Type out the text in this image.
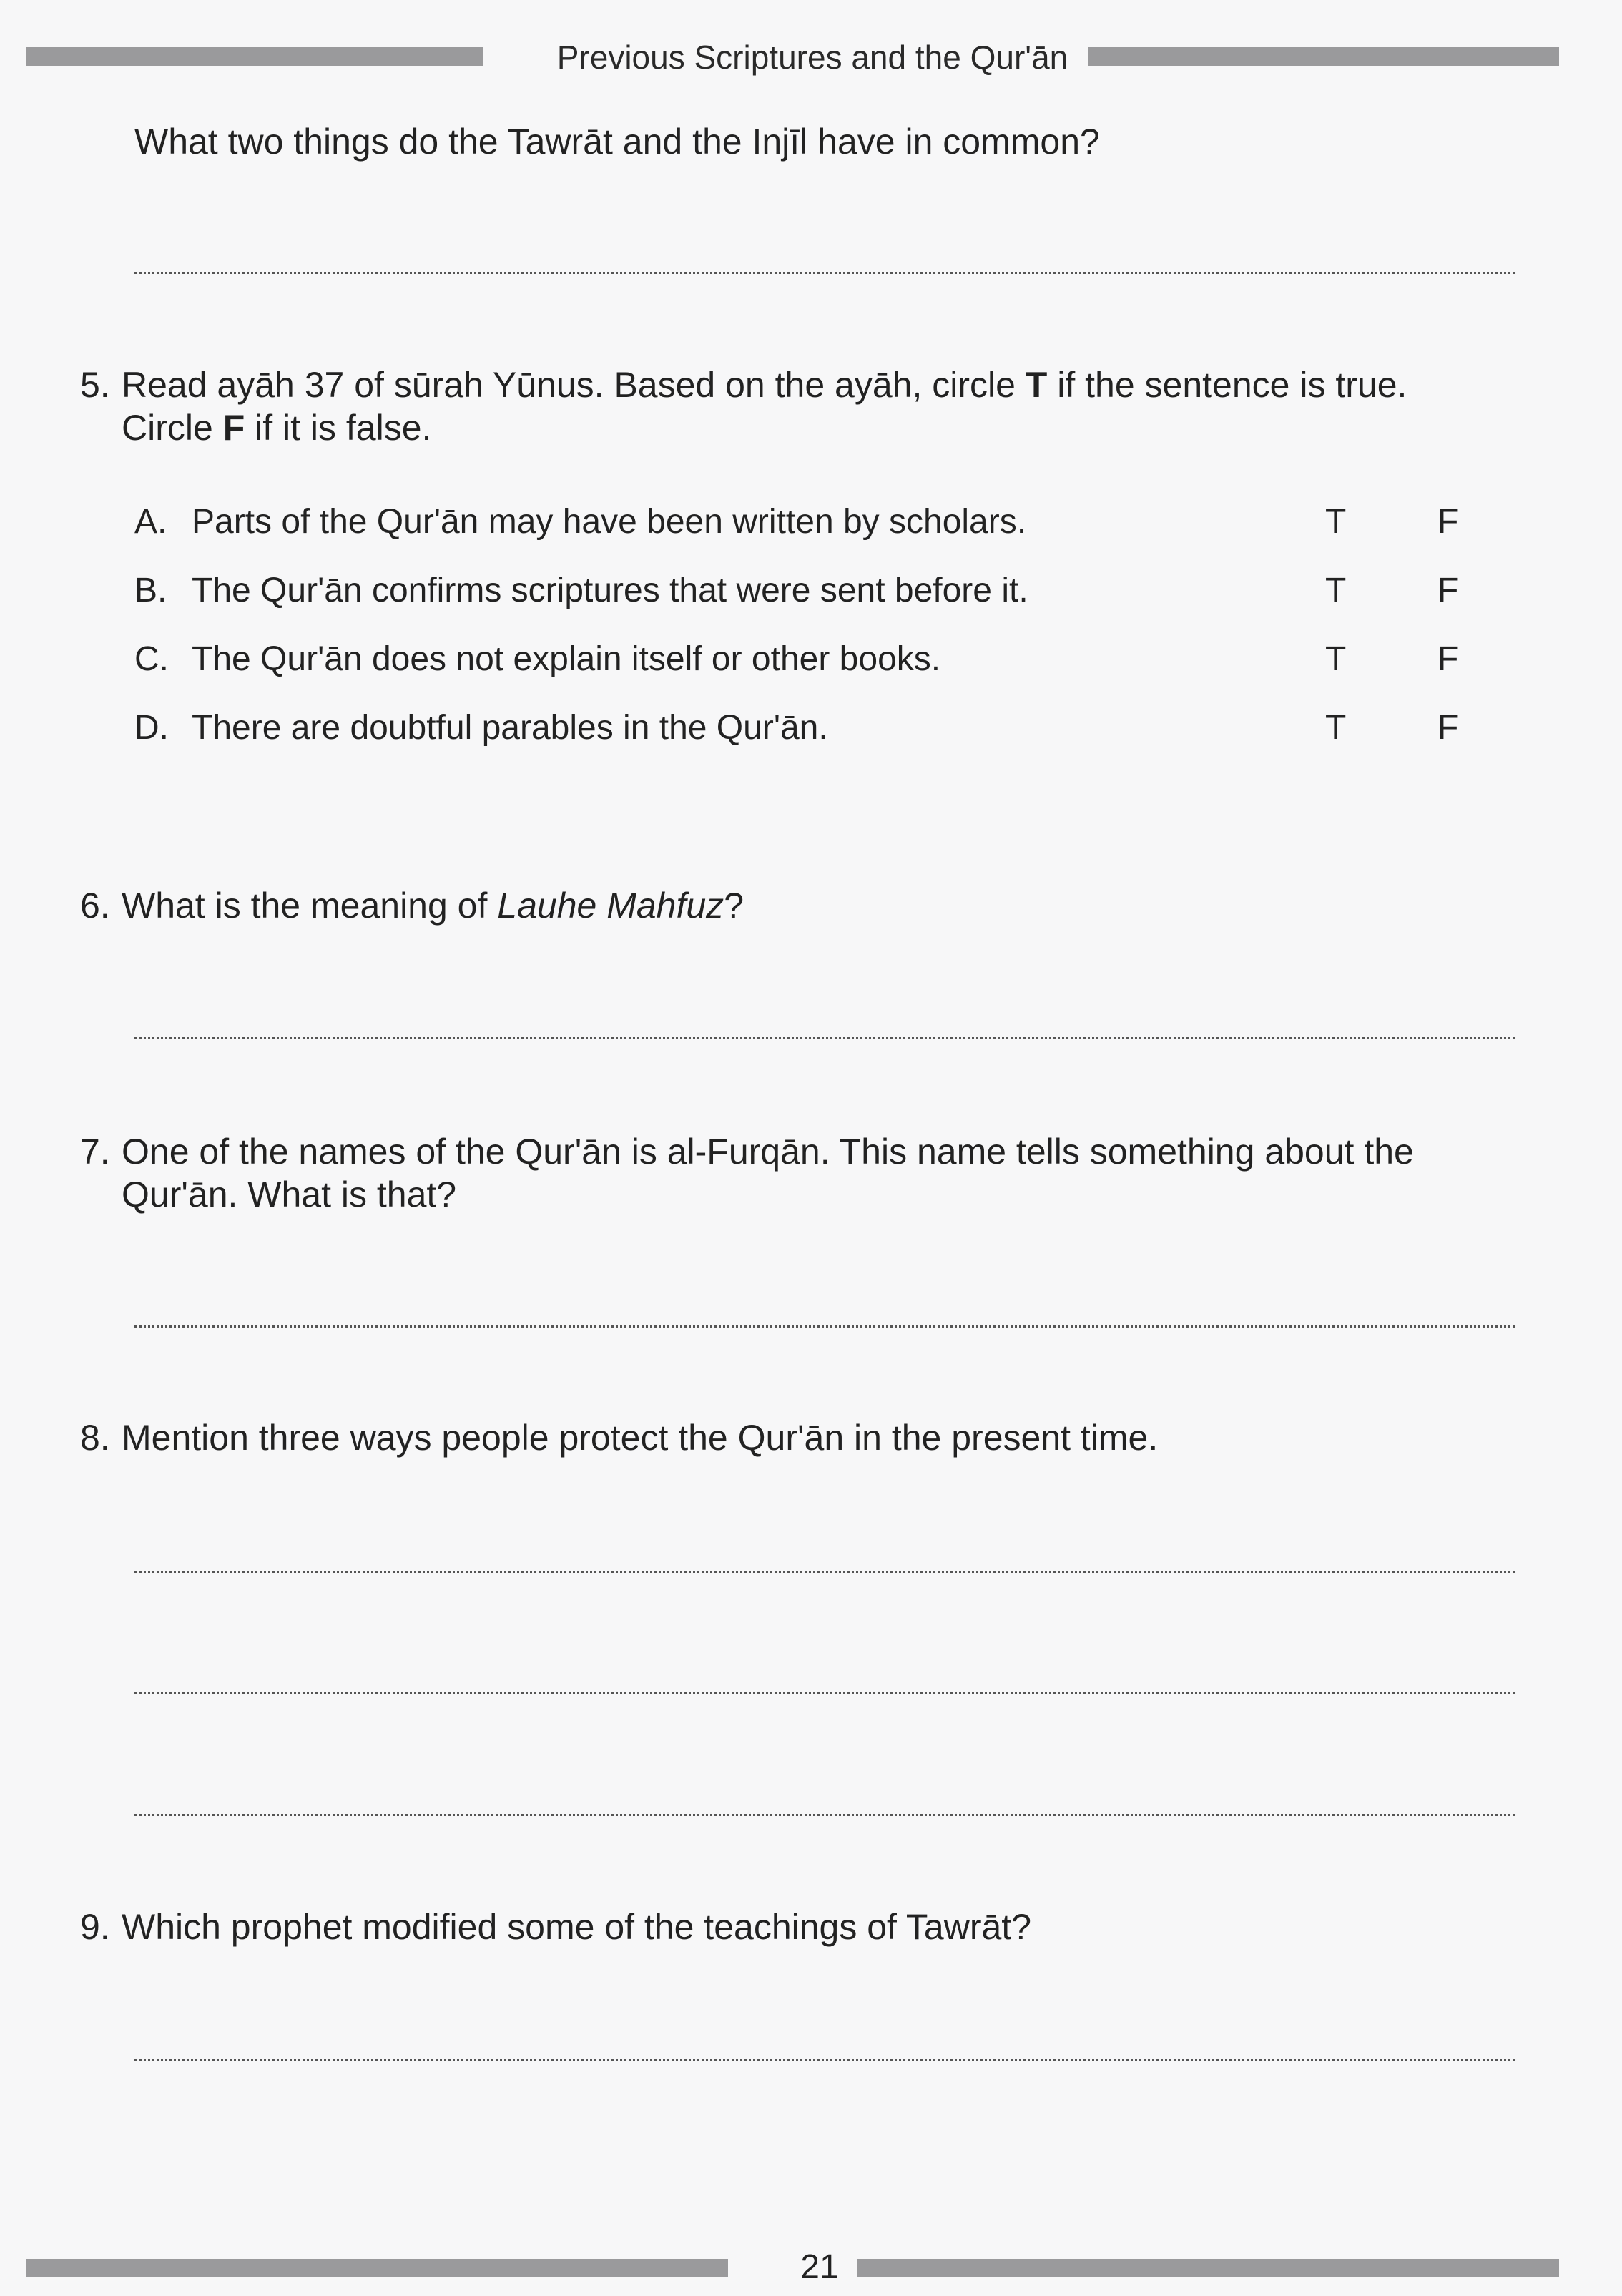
Previous Scriptures and the Qur'ān
What two things do the Tawrāt and the Injīl have in common?
5. Read ayāh 37 of sūrah Yūnus. Based on the ayāh, circle T if the sentence is true.
Circle F if it is false.
A. Parts of the Qur'ān may have been written by scholars.	T	F
B. The Qur'ān confirms scriptures that were sent before it.	T	F
C. The Qur'ān does not explain itself or other books.	T	F
D. There are doubtful parables in the Qur'ān.	T	F
6. What is the meaning of Lauhe Mahfuz?
7. One of the names of the Qur'ān is al-Furqān. This name tells something about the
Qur'ān. What is that?
8. Mention three ways people protect the Qur'ān in the present time.
9. Which prophet modified some of the teachings of Tawrāt?
21
